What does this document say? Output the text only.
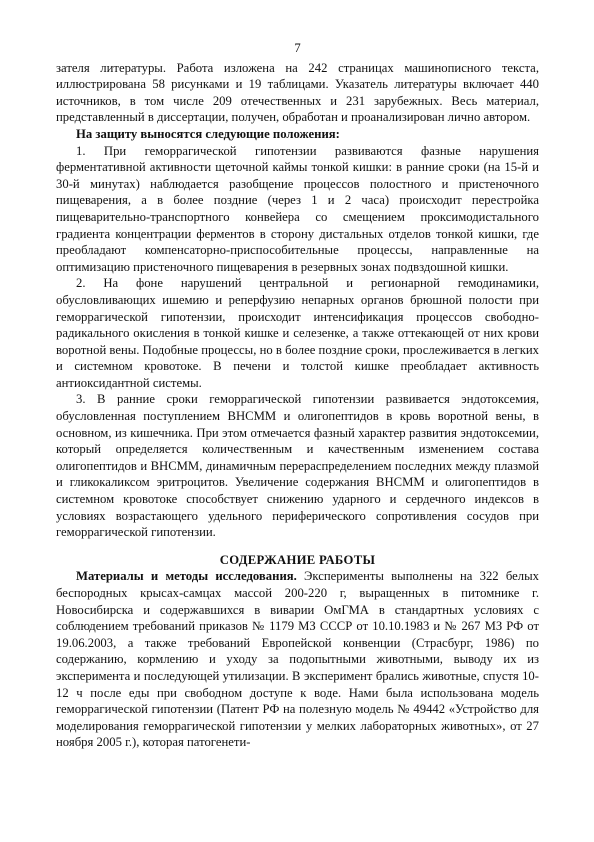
7

зателя литературы. Работа изложена на 242 страницах машинописного текста, иллюстрирована 58 рисунками и 19 таблицами. Указатель литературы включает 440 источников, в том числе 209 отечественных и 231 зарубежных. Весь материал, представленный в диссертации, получен, обработан и проанализирован лично автором.

На защиту выносятся следующие положения:

1. При геморрагической гипотензии развиваются фазные нарушения ферментативной активности щеточной каймы тонкой кишки: в ранние сроки (на 15-й и 30-й минутах) наблюдается разобщение процессов полостного и пристеночного пищеварения, а в более поздние (через 1 и 2 часа) происходит перестройка пищеварительно-транспортного конвейера со смещением проксимодистального градиента концентрации ферментов в сторону дистальных отделов тонкой кишки, где преобладают компенсаторно-приспособительные процессы, направленные на оптимизацию пристеночного пищеварения в резервных зонах подвздошной кишки.

2. На фоне нарушений центральной и регионарной гемодинамики, обусловливающих ишемию и реперфузию непарных органов брюшной полости при геморрагической гипотензии, происходит интенсификация процессов свободно-радикального окисления в тонкой кишке и селезенке, а также оттекающей от них крови воротной вены. Подобные процессы, но в более поздние сроки, прослеживается в легких и системном кровотоке. В печени и толстой кишке преобладает активность антиоксидантной системы.

3. В ранние сроки геморрагической гипотензии развивается эндотоксемия, обусловленная поступлением ВНСММ и олигопептидов в кровь воротной вены, в основном, из кишечника. При этом отмечается фазный характер развития эндотоксемии, который определяется количественным и качественным изменением состава олигопептидов и ВНСММ, динамичным перераспределением последних между плазмой и гликокаликсом эритроцитов. Увеличение содержания ВНСММ и олигопептидов в системном кровотоке способствует снижению ударного и сердечного индексов в условиях возрастающего удельного периферического сопротивления сосудов при геморрагической гипотензии.

СОДЕРЖАНИЕ РАБОТЫ

Материалы и методы исследования. Эксперименты выполнены на 322 белых беспородных крысах-самцах массой 200-220 г, выращенных в питомнике г. Новосибирска и содержавшихся в виварии ОмГМА в стандартных условиях с соблюдением требований приказов № 1179 МЗ СССР от 10.10.1983 и № 267 МЗ РФ от 19.06.2003, а также требований Европейской конвенции (Страсбург, 1986) по содержанию, кормлению и уходу за подопытными животными, выводу их из эксперимента и последующей утилизации. В эксперимент брались животные, спустя 10-12 ч после еды при свободном доступе к воде. Нами была использована модель геморрагической гипотензии (Патент РФ на полезную модель № 49442 «Устройство для моделирования геморрагической гипотензии у мелких лабораторных животных», от 27 ноября 2005 г.), которая патогенети-
